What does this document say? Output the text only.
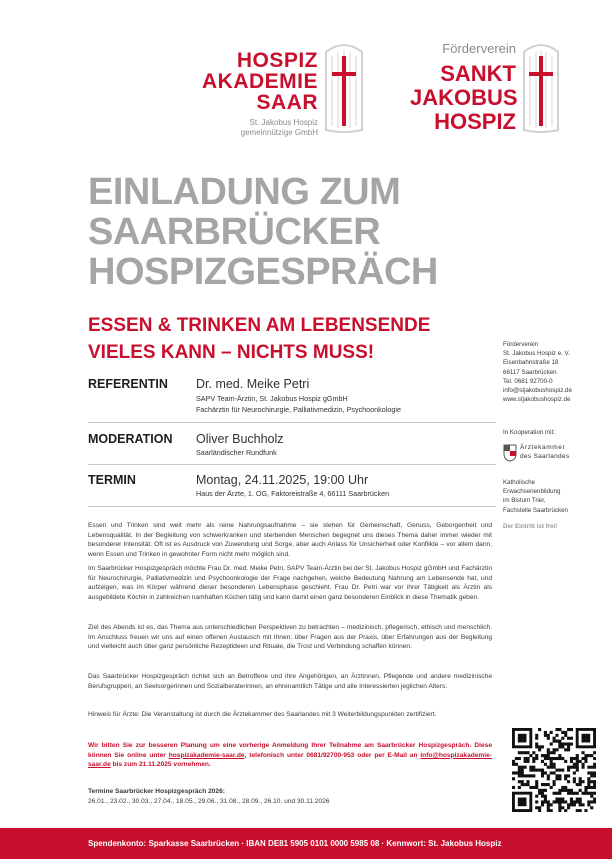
HOSPIZ
AKADEMIE
SAAR
St. Jakobus Hospiz
gemeinnützige GmbH
Förderverein
SANKT
JAKOBUS
HOSPIZ
EINLADUNG ZUM
SAARBRÜCKER
HOSPIZGESPRÄCH
ESSEN & TRINKEN AM LEBENSENDE
VIELES KANN – NICHTS MUSS!
REFERENTIN Dr. med. Meike Petri
SAPV Team-Ärztin, St. Jakobus Hospiz gGmbH
Fachärztin für Neurochirurgie, Palliativmedizin, Psychoonkologie
MODERATION Oliver Buchholz
Saarländischer Rundfunk
TERMIN	Montag, 24.11.2025, 19:00 Uhr
Haus der Ärzte, 1. OG, Faktoreistraße 4, 66111 Saarbrücken
Essen und Trinken sind weit mehr als reine Nahrungsaufnahme – sie stehen für Gemeinschaft, Genuss, Geborgenheit und Lebensqualität. In der Begleitung von schwerkranken und sterbenden Menschen begegnet uns dieses Thema daher immer wieder mit besonderer Intensität. Oft ist es Ausdruck von Zuwendung und Sorge, aber auch Anlass für Unsicherheit oder Konflikte – vor allem dann, wenn Essen und Trinken in gewohnter Form nicht mehr möglich sind.
Im Saarbrücker Hospizgespräch möchte Frau Dr. med. Meike Petri, SAPV Team-Ärztin bei der St. Jakobus Hospiz gGmbH und Fachärztin für Neurochirurgie, Palliativmedizin und Psychoonkologie der Frage nachgehen, welche Bedeutung Nahrung am Lebensende hat, und aufzeigen, was im Körper während dieser besonderen Lebensphase geschieht. Frau Dr. Petri war vor ihrer Tätigkeit als Ärztin als ausgebildete Köchin in zahlreichen namhaften Küchen tätig und kann damit einen ganz besonderen Einblick in diese Thematik geben.
Ziel des Abends ist es, das Thema aus unterschiedlichen Perspektiven zu betrachten – medizinisch, pflegerisch, ethisch und menschlich. Im Anschluss freuen wir uns auf einen offenen Austausch mit Ihnen: über Fragen aus der Praxis, über Erfahrungen aus der Begleitung und vielleicht auch über ganz persönliche Rezeptideen und Rituale, die Trost und Verbindung schaffen können.
Das Saarbrücker Hospizgespräch richtet sich an Betroffene und ihre Angehörigen, an Ärztinnen, Pflegende und andere medizinische Berufsgruppen, an Seelsorgerinnen und Sozialberaterinnen, an ehrenamtlich Tätige und alle Interessierten jeglichen Alters.
Hinweis für Ärzte: Die Veranstaltung ist durch die Ärztekammer des Saarlandes mit 3 Weiterbildungspunkten zertifiziert.
Wir bitten Sie zur besseren Planung um eine vorherige Anmeldung Ihrer Teilnahme am Saarbrücker Hospizgespräch. Diese können Sie online unter hospizakademie-saar.de, telefonisch unter 0681/92700-953 oder per E-Mail an info@hospizakademie-saar.de bis zum 21.11.2025 vornehmen.
Termine Saarbrücker Hospizgespräch 2026:
26.01., 23.02., 30.03., 27.04., 18.05., 29.06., 31.08., 28.09., 26.10. und 30.11.2026
Förderverein
St. Jakobus Hospiz e. V.
Eisenbahnstraße 18
66117 Saarbrücken
Tel. 0681 92700-0
info@stjakobushospiz.de
www.stjakobushospiz.de
In Kooperation mit:
Ärztekammer
des Saarlandes
Katholische
Erwachsenenbildung
im Bistum Trier,
Fachstelle Saarbrücken
Der Eintritt ist frei!
Spendenkonto: Sparkasse Saarbrücken · IBAN DE81 5905 0101 0000 5985 08 · Kennwort: St. Jakobus Hospiz
